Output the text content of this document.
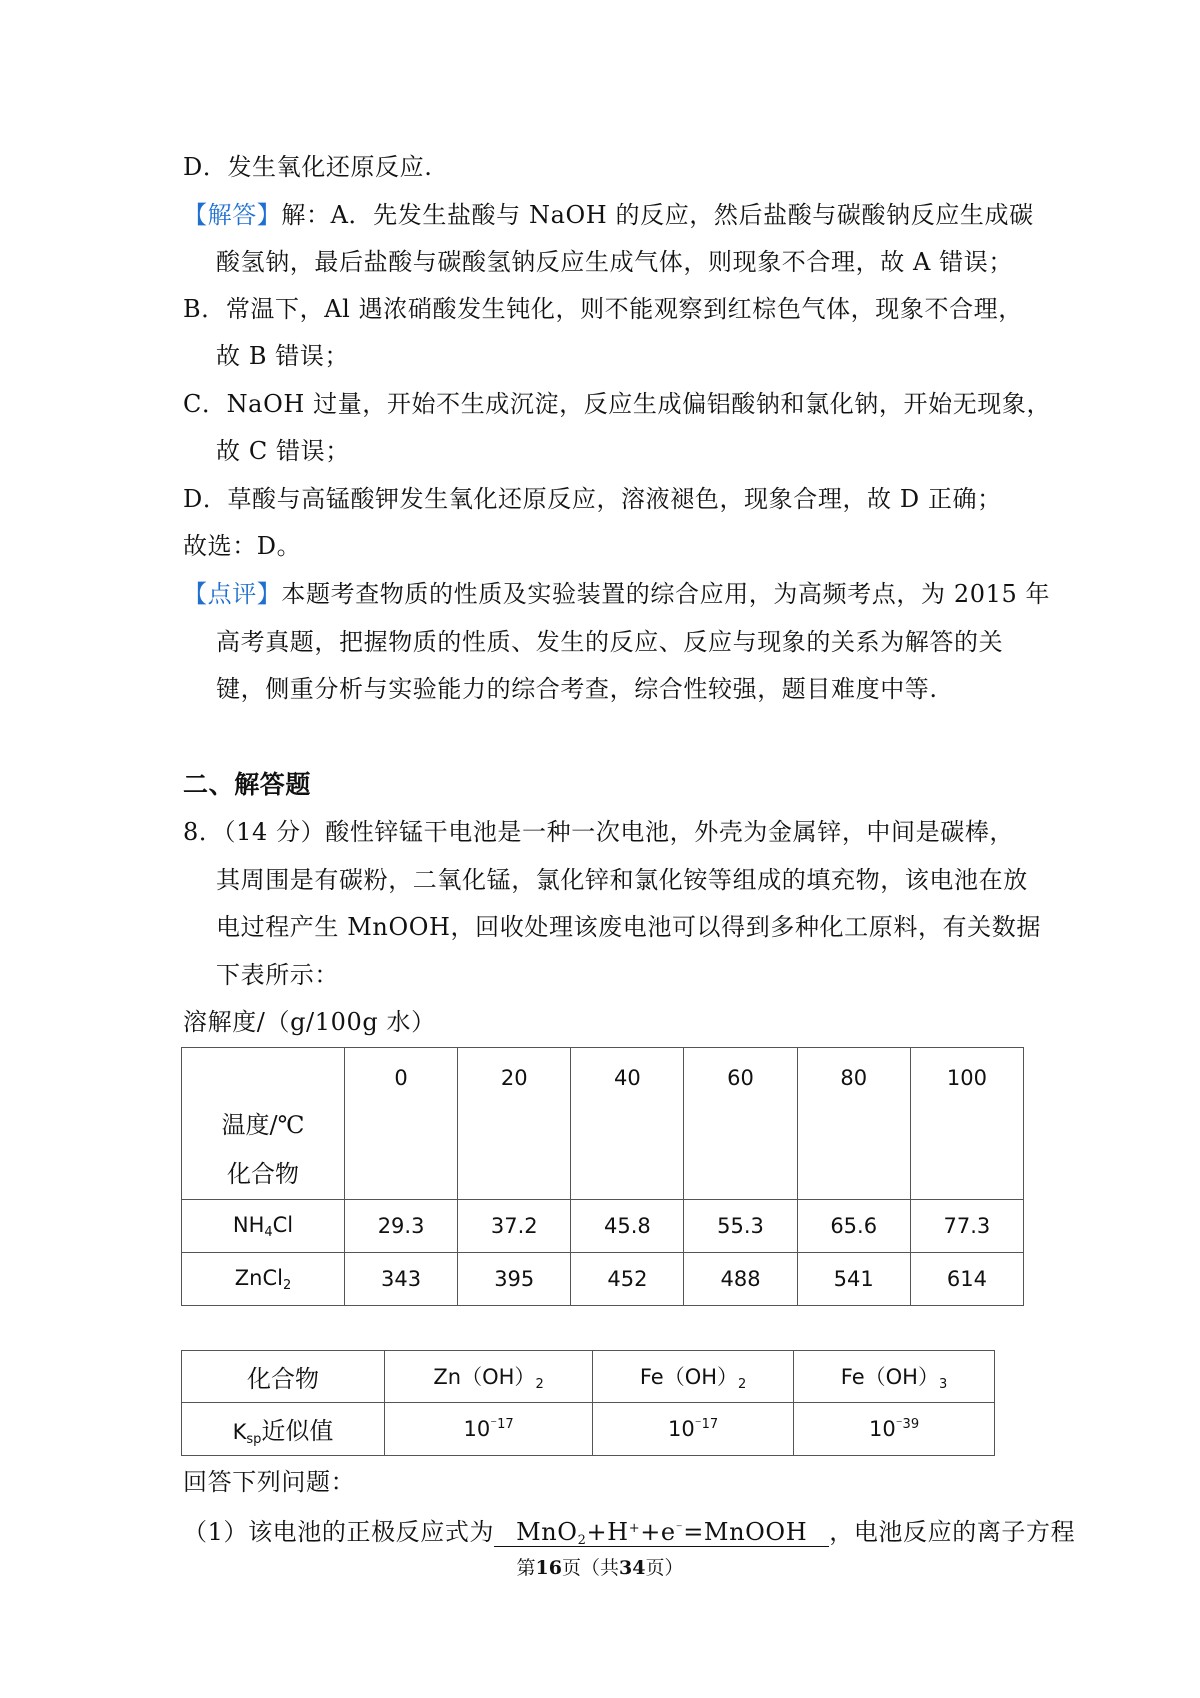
D．发生氧化还原反应.
【解答】解：A．先发生盐酸与 NaOH 的反应，然后盐酸与碳酸钠反应生成碳
酸氢钠，最后盐酸与碳酸氢钠反应生成气体，则现象不合理，故 A 错误；
B．常温下，Al 遇浓硝酸发生钝化，则不能观察到红棕色气体，现象不合理，
故 B 错误；
C．NaOH 过量，开始不生成沉淀，反应生成偏铝酸钠和氯化钠，开始无现象，
故 C 错误；
D．草酸与高锰酸钾发生氧化还原反应，溶液褪色，现象合理，故 D 正确；
故选：D。
【点评】本题考查物质的性质及实验装置的综合应用，为高频考点，为 2015 年
高考真题，把握物质的性质、发生的反应、反应与现象的关系为解答的关
键，侧重分析与实验能力的综合考查，综合性较强，题目难度中等.
二、解答题
8．（14 分）酸性锌锰干电池是一种一次电池，外壳为金属锌，中间是碳棒，
其周围是有碳粉，二氧化锰，氯化锌和氯化铵等组成的填充物，该电池在放
电过程产生 MnOOH，回收处理该废电池可以得到多种化工原料，有关数据
下表所示：
溶解度/（g/100g 水）
温度/℃
化合物	0	20	40	60	80	100
$NH_4Cl$	29.3	37.2	45.8	55.3	65.6	77.3
ZnCl$_2$	343	395	452	488	541	614
化合物	$Zn(OH)_2$	$Fe(OH)_2$	$Fe(OH)_3$
$K_{sp}$近似值	$10^{^-17}$	$10^{^-17}$	$10^{^-39}$
回答下列问题：
（1）该电池的正极反应式为 MnO$_2$+H++e⁻=MnOOH ，电池反应的离子方程
第16页（共34页）
